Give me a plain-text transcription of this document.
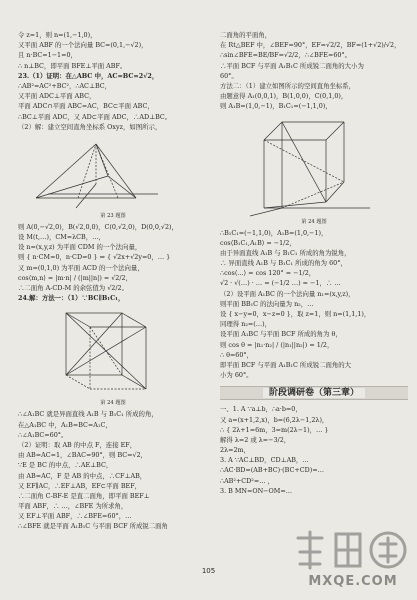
令 z=1，则 n=(1,−1,0)，
又平面 ABF 的一个法向量 BC=(0,1,−√2)，
且 n·BC=1−1=0，
∴ n⊥BC，即平面 BFE⊥平面 ABF。
23.（1）证明：在△ABC 中，AC=BC=2√2，
∴AB²=AC²+BC²，∴AC⊥BC，
又平面 ADC⊥平面 ABC，
平面 ADC∩平面 ABC=AC，BC⊂平面 ABC，
∴BC⊥平面 ADC，又 AD⊂平面 ADC，∴AD⊥BC。
（2）解：建立空间直角坐标系 Oxyz，如图所示，
第 23 题图
则 A(0,−√2,0)，B(√2,0,0)，C(0,√2,0)，D(0,0,√2)，
设 M(t,…)，CM=λCB，…，
设 n=(x,y,z) 为平面 CDM 的一个法向量，
则 { n·CM=0，n·CD=0 } ⇒ { √2x+√2y=0，… }
又 m=(0,1,0) 为平面 ACD 的一个法向量，
cos⟨m,n⟩ = |m·n| / (|m||n|) = √2/2，
∴二面角 A-CD-M 的余弦值为 √2/2。
24.解：方法一：（1）∵BC∥B₁C₁，
第 24 题图
∴∠A₁BC 就是异面直线 A₁B 与 B₁C₁ 所成的角，
在△A₁BC 中，A₁B=BC=A₁C，
∴∠A₁BC=60°。
（2）证明：取 AB 的中点 F，连接 EF，
由 AB=AC=1，∠BAC=90°，则 BC=√2，
∵E 是 BC 的中点，∴AE⊥BC，
由 AB=AC，F 是 AB 的中点，∴CF⊥AB，
又 EF∥AC，∴EF⊥AB，EF⊂平面 BEF，
∴二面角 C-BF-E 是直二面角，即平面 BEF⊥
平面 ABF，∴ …，∠BFE 为所求角，
又 EF⊥平面 ABF，∴∠BFE=60°，…
∴∠BFE 就是平面 A₁B₁C 与平面 BCF 所成锐二面角
二面角的平面角，
在 Rt△BEF 中，∠BEF=90°，EF=√2/2，BF=(1+√2)/√2，
∴sin∠BFE=BE/BF=√2/2，∴∠BFE=60°。
∴平面 BCF 与平面 A₁B₁C 所成锐二面角的大小为
60°。
方法二：（1）建立如图所示的空间直角坐标系，
由题意得 A₁(0,0,1)，B(1,0,0)，C(0,1,0)，
则 A₁B=(1,0,−1)，B₁C₁=(−1,1,0)，
第 24 题图
∴B₁C₁=(−1,1,0)，A₁B=(1,0,−1)，
cos⟨B₁C₁,A₁B⟩ = −1/2，
由于异面直线 A₁B 与 B₁C₁ 所成的角为锐角，
∴ 异面直线 A₁B 与 B₁C₁ 所成的角为 60°，
∴cos⟨…⟩ = cos 120° = −1/2，
√2 · √(…) · … = (−1/2 …) = −1，∴ …
（2）设平面 A₁BC 的一个法向量 n₁=(x,y,z)，
则平面 BB₁C 的法向量为 n₂，…
设 { x−y=0，x−z=0 }，取 z=1，则 n=(1,1,1)，
同理得 n₂=(…)，
设平面 A₁BC 与平面 BCF 所成的角为 θ，
则 cos θ = |n₁·n₂| / (|n₁||n₂|) = 1/2，
∴ θ=60°，
即平面 BCF 与平面 A₁B₁C 所成锐二面角的大
小为 60°。
阶段调研卷（第三章）
一、1. A ∵a⊥b，∴a·b=0，
又 a=(x+1,2,x)，b=(6,2λ−1,2λ)，
∴ { 2λ+1=6m，3=m(2λ−1)，… }
解得 λ=2 或 λ=−3/2，
2λ=2m，
3. A ∵AC⊥BD，CD⊥AB，…
∴AC·BD=(AB+BC)·(BC+CD)=…
∴AB²+CD²=… ，
3. B MN=ON−OM=…
105
MXQE.COM
